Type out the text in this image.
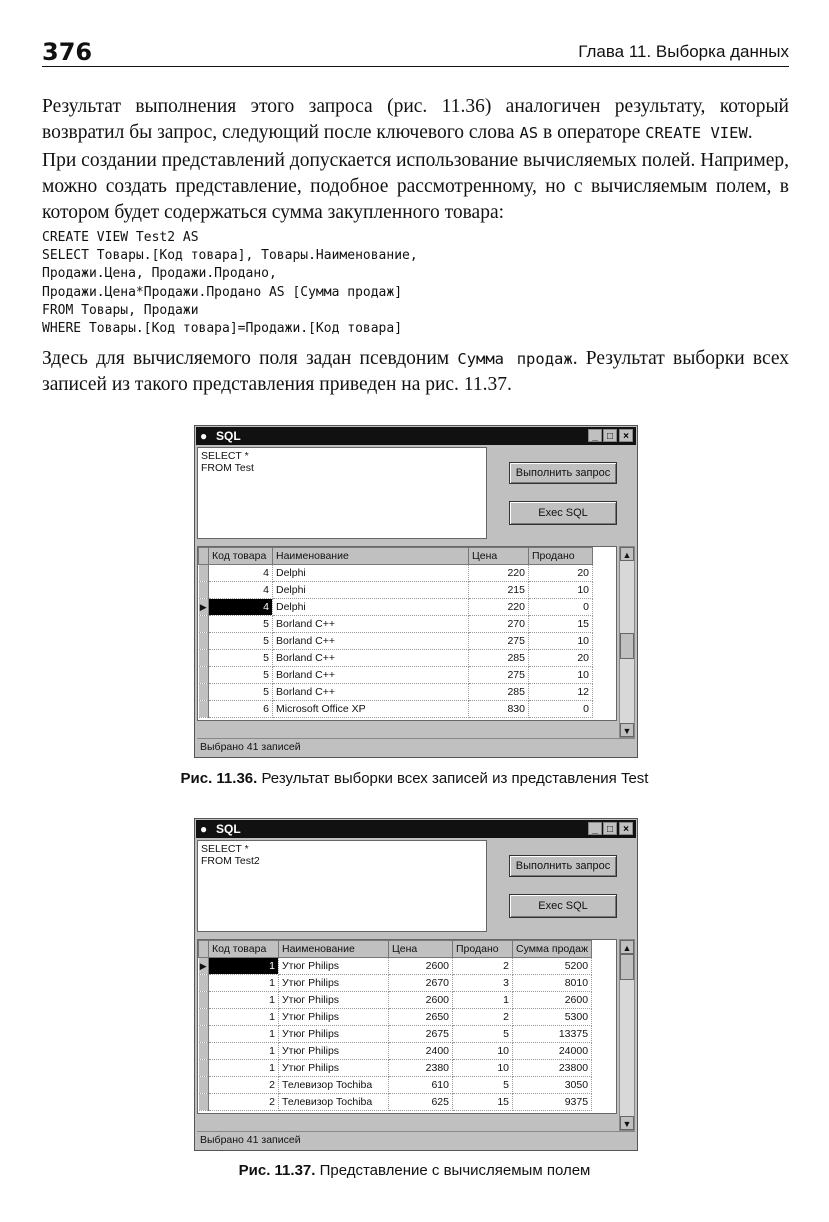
376	Глава 11. Выборка данных
Результат выполнения этого запроса (рис. 11.36) аналогичен результату, который возвратил бы запрос, следующий после ключевого слова AS в операторе CREATE VIEW.
При создании представлений допускается использование вычисляемых полей. Например, можно создать представление, подобное рассмотренному, но с вычисляемым полем, в котором будет содержаться сумма закупленного товара:
CREATE VIEW Test2 AS
SELECT Товары.[Код товара], Товары.Наименование,
Продажи.Цена, Продажи.Продано,
Продажи.Цена*Продажи.Продано AS [Сумма продаж]
FROM Товары, Продажи
WHERE Товары.[Код товара]=Продажи.[Код товара]
Здесь для вычисляемого поля задан псевдоним Сумма продаж. Результат выборки всех записей из такого представления приведен на рис. 11.37.
● SQL	_ □	×
SELECT *
FROM Test	Выполнить запрос
Exec SQL
	Код товара	Наименование	Цена	Продано
	4	Delphi	220	20
	4	Delphi	215	10
▶	4	Delphi	220	0
	5	Borland C++	270	15
	5	Borland C++	275	10
	5	Borland C++	285	20
	5	Borland C++	275	10
	5	Borland C++	285	12
	6	Microsoft Office XP	830	0
▲
▼
Выбрано 41 записей
Рис. 11.36. Результат выборки всех записей из представления Test
● SQL	_ □	×
SELECT *
FROM Test2	Выполнить запрос
Exec SQL
	Код товара	Наименование	Цена	Продано	Сумма продаж
▶	1	Утюг Philips	2600	2	5200
	1	Утюг Philips	2670	3	8010
	1	Утюг Philips	2600	1	2600
	1	Утюг Philips	2650	2	5300
	1	Утюг Philips	2675	5	13375
	1	Утюг Philips	2400	10	24000
	1	Утюг Philips	2380	10	23800
	2	Телевизор Tochiba	610	5	3050
	2	Телевизор Tochiba	625	15	9375
▲
▼
Выбрано 41 записей
Рис. 11.37. Представление с вычисляемым полем
